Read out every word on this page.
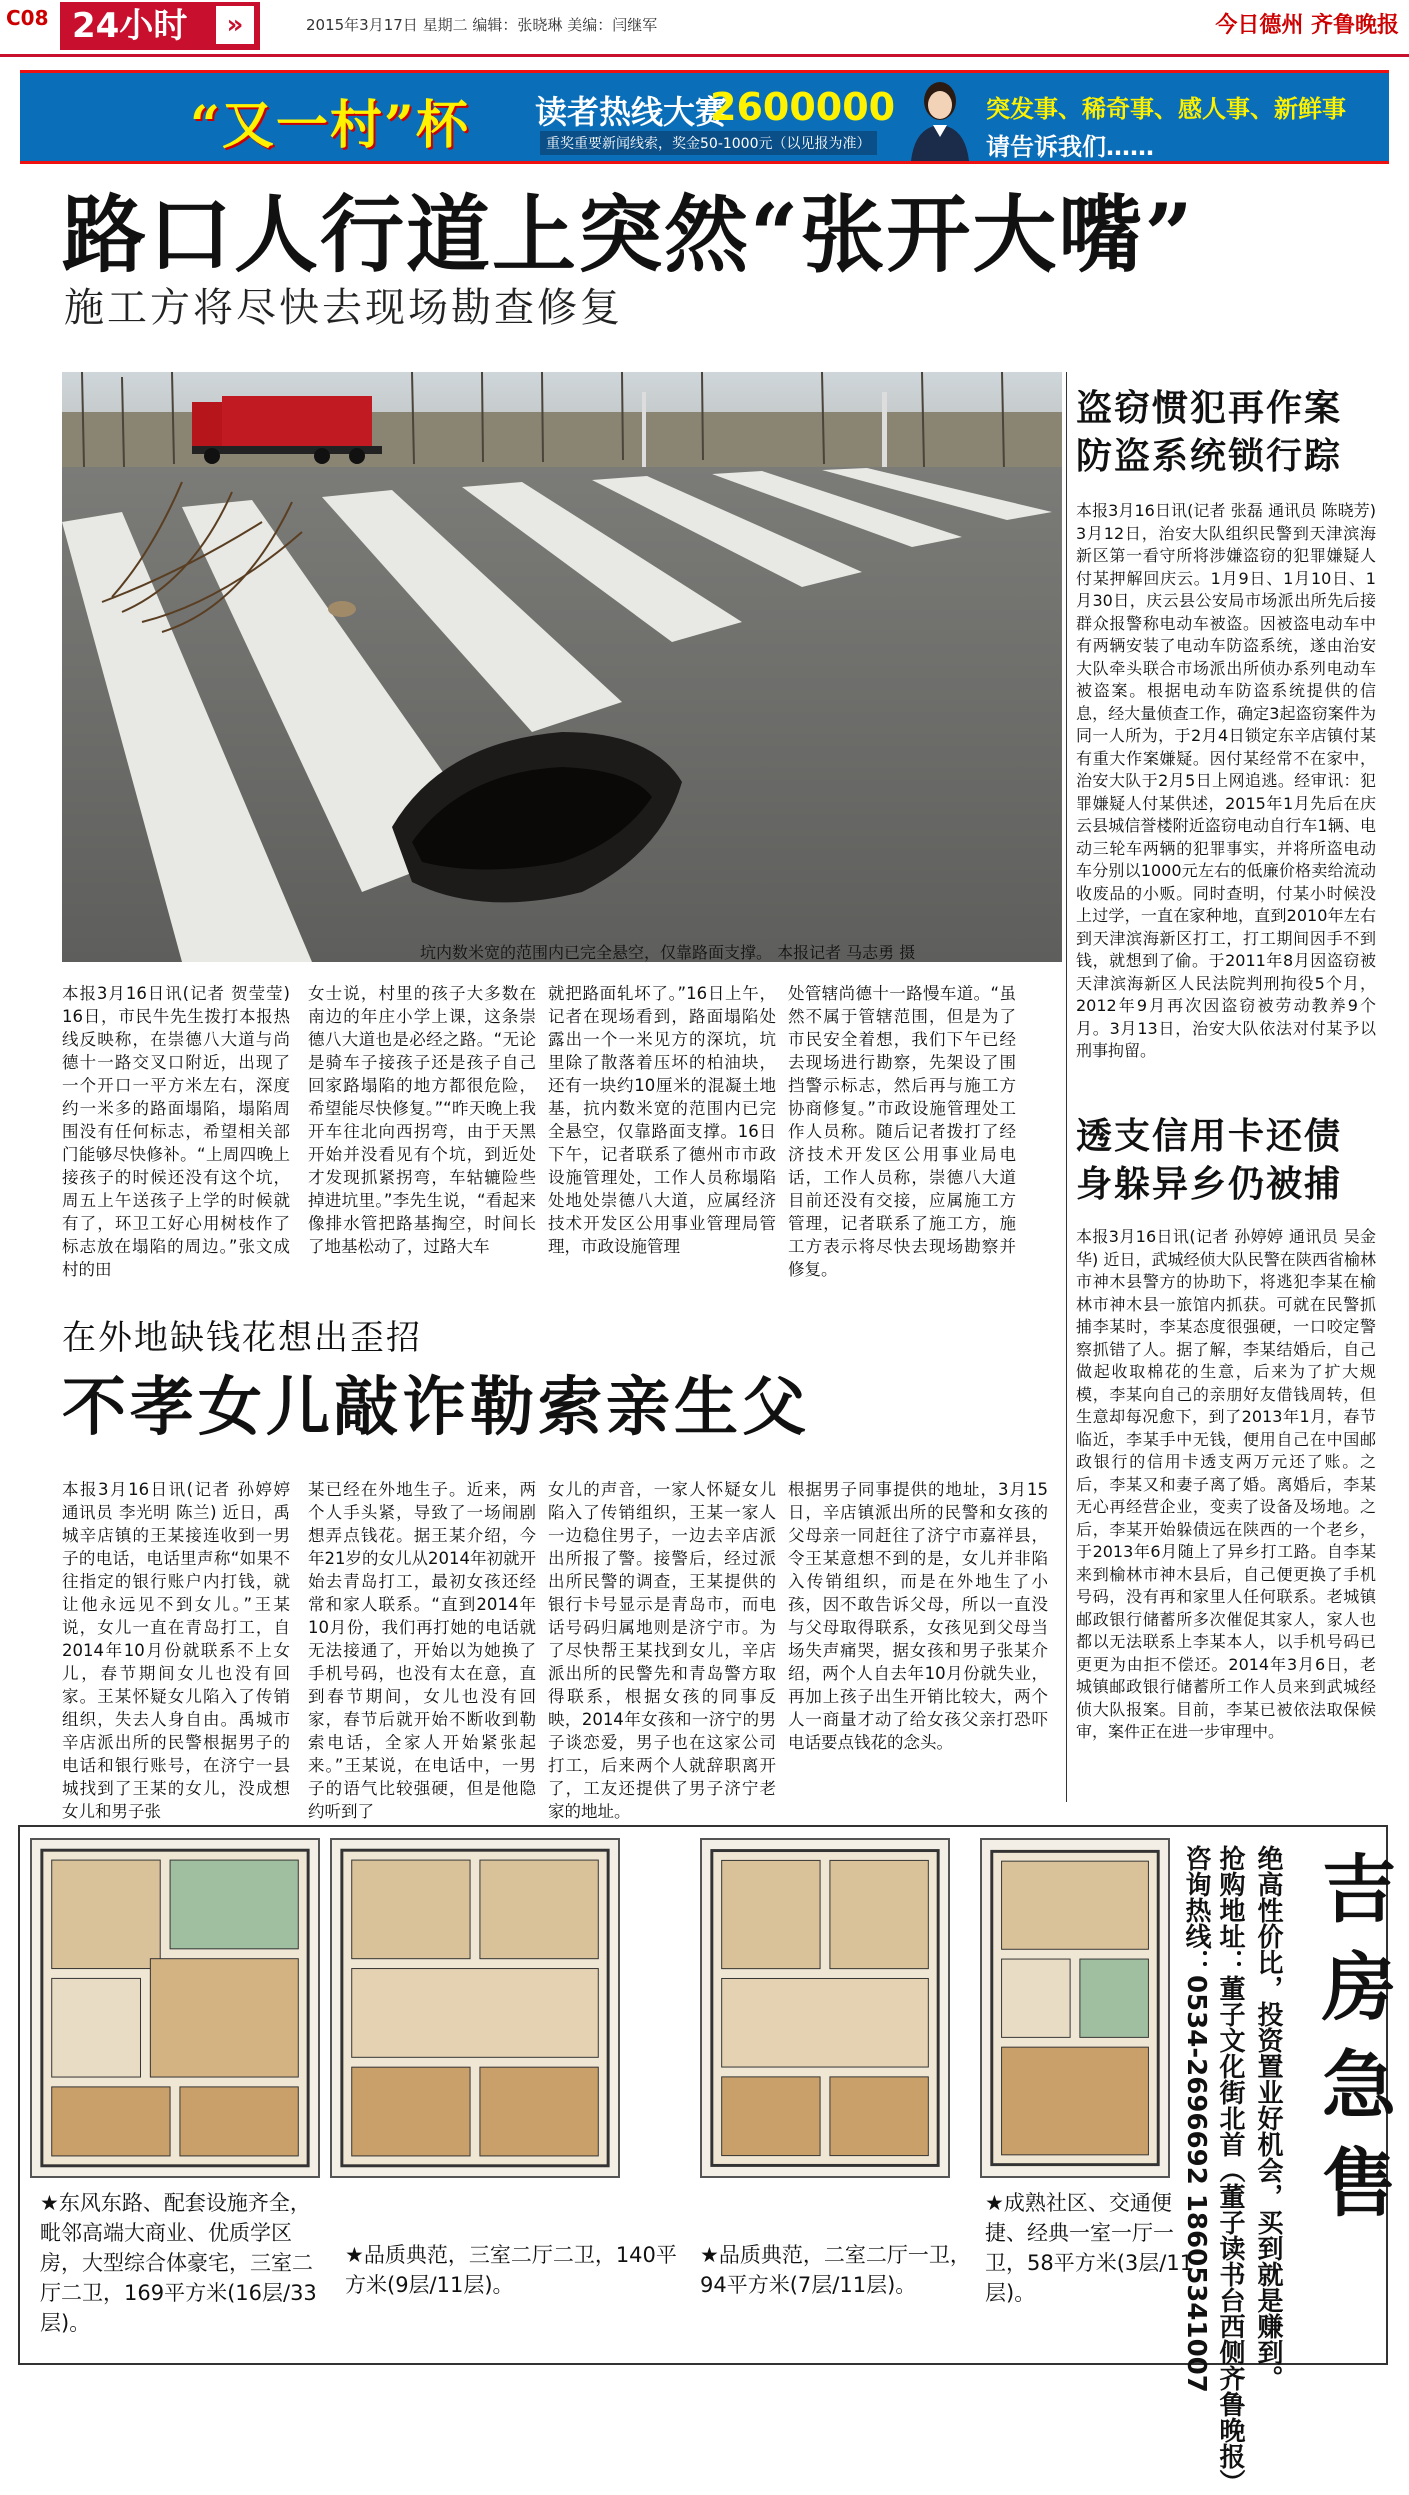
C08 24小时	»	2015年3月17日 星期二 编辑：张晓琳 美编：闫继军	今日德州 齐鲁晚报
“又一村”杯 读者热线大赛
2600000
重奖重要新闻线索，奖金50-1000元（以见报为准）
突发事、稀奇事、感人事、新鲜事
请告诉我们……
路口人行道上突然“张开大嘴”
施工方将尽快去现场勘查修复
坑内数米宽的范围内已完全悬空，仅靠路面支撑。 本报记者 马志勇 摄
本报3月16日讯(记者 贺莹莹) 16日，市民牛先生拨打本报热线反映称，在崇德八大道与尚德十一路交叉口附近，出现了一个开口一平方米左右，深度约一米多的路面塌陷，塌陷周围没有任何标志，希望相关部门能够尽快修补。“上周四晚上接孩子的时候还没有这个坑，周五上午送孩子上学的时候就有了，环卫工好心用树枝作了标志放在塌陷的周边。”张文成村的田
女士说，村里的孩子大多数在南边的年庄小学上课，这条崇德八大道也是必经之路。“无论是骑车子接孩子还是孩子自己回家路塌陷的地方都很危险，希望能尽快修复。”“昨天晚上我开车往北向西拐弯，由于天黑开始并没看见有个坑，到近处才发现抓紧拐弯，车轱辘险些掉进坑里。”李先生说，“看起来像排水管把路基掏空，时间长了地基松动了，过路大车
就把路面轧坏了。”16日上午，记者在现场看到，路面塌陷处露出一个一米见方的深坑，坑里除了散落着压坏的柏油块，还有一块约10厘米的混凝土地基，抗内数米宽的范围内已完全悬空，仅靠路面支撑。16日下午，记者联系了德州市市政设施管理处，工作人员称塌陷处地处崇德八大道，应属经济技术开发区公用事业管理局管理，市政设施管理
处管辖尚德十一路慢车道。“虽然不属于管辖范围，但是为了市民安全着想，我们下午已经去现场进行勘察，先架设了围挡警示标志，然后再与施工方协商修复。”市政设施管理处工作人员称。随后记者拨打了经济技术开发区公用事业局电话，工作人员称，崇德八大道目前还没有交接，应属施工方管理，记者联系了施工方，施工方表示将尽快去现场勘察并修复。
盗窃惯犯再作案
防盗系统锁行踪
本报3月16日讯(记者 张磊 通讯员 陈晓芳) 3月12日，治安大队组织民警到天津滨海新区第一看守所将涉嫌盗窃的犯罪嫌疑人付某押解回庆云。1月9日、1月10日、1月30日，庆云县公安局市场派出所先后接群众报警称电动车被盗。因被盗电动车中有两辆安装了电动车防盗系统，遂由治安大队牵头联合市场派出所侦办系列电动车被盗案。根据电动车防盗系统提供的信息，经大量侦查工作，确定3起盗窃案件为同一人所为，于2月4日锁定东辛店镇付某有重大作案嫌疑。因付某经常不在家中，治安大队于2月5日上网追逃。经审讯：犯罪嫌疑人付某供述，2015年1月先后在庆云县城信誉楼附近盗窃电动自行车1辆、电动三轮车两辆的犯罪事实，并将所盗电动车分别以1000元左右的低廉价格卖给流动收废品的小贩。同时查明，付某小时候没上过学，一直在家种地，直到2010年左右到天津滨海新区打工，打工期间因手不到钱，就想到了偷。于2011年8月因盗窃被天津滨海新区人民法院判刑拘役5个月，2012年9月再次因盗窃被劳动教养9个月。3月13日，治安大队依法对付某予以刑事拘留。
透支信用卡还债
身躲异乡仍被捕
本报3月16日讯(记者 孙婷婷 通讯员 吴金华) 近日，武城经侦大队民警在陕西省榆林市神木县警方的协助下，将逃犯李某在榆林市神木县一旅馆内抓获。可就在民警抓捕李某时，李某态度很强硬，一口咬定警察抓错了人。据了解，李某结婚后，自己做起收取棉花的生意，后来为了扩大规模，李某向自己的亲朋好友借钱周转，但生意却每况愈下，到了2013年1月，春节临近，李某手中无钱，便用自己在中国邮政银行的信用卡透支两万元还了账。之后，李某又和妻子离了婚。离婚后，李某无心再经营企业，变卖了设备及场地。之后，李某开始躲债远在陕西的一个老乡，于2013年6月随上了异乡打工路。自李某来到榆林市神木县后，自己便更换了手机号码，没有再和家里人任何联系。老城镇邮政银行储蓄所多次催促其家人，家人也都以无法联系上李某本人，以手机号码已更更为由拒不偿还。2014年3月6日，老城镇邮政银行储蓄所工作人员来到武城经侦大队报案。目前，李某已被依法取保候审，案件正在进一步审理中。
在外地缺钱花想出歪招
不孝女儿敲诈勒索亲生父
本报3月16日讯(记者 孙婷婷 通讯员 李光明 陈兰) 近日，禹城辛店镇的王某接连收到一男子的电话，电话里声称“如果不往指定的银行账户内打钱，就让他永远见不到女儿。”王某说，女儿一直在青岛打工，自2014年10月份就联系不上女儿，春节期间女儿也没有回家。王某怀疑女儿陷入了传销组织，失去人身自由。禹城市辛店派出所的民警根据男子的电话和银行账号，在济宁一县城找到了王某的女儿，没成想女儿和男子张
某已经在外地生子。近来，两个人手头紧，导致了一场闹剧想弄点钱花。据王某介绍，今年21岁的女儿从2014年初就开始去青岛打工，最初女孩还经常和家人联系。“直到2014年10月份，我们再打她的电话就无法接通了，开始以为她换了手机号码，也没有太在意，直到春节期间，女儿也没有回家，春节后就开始不断收到勒索电话，全家人开始紧张起来。”王某说，在电话中，一男子的语气比较强硬，但是他隐约听到了
女儿的声音，一家人怀疑女儿陷入了传销组织，王某一家人一边稳住男子，一边去辛店派出所报了警。接警后，经过派出所民警的调查，王某提供的银行卡号显示是青岛市，而电话号码归属地则是济宁市。为了尽快帮王某找到女儿，辛店派出所的民警先和青岛警方取得联系，根据女孩的同事反映，2014年女孩和一济宁的男子谈恋爱，男子也在这家公司打工，后来两个人就辞职离开了，工友还提供了男子济宁老家的地址。
根据男子同事提供的地址，3月15日，辛店镇派出所的民警和女孩的父母亲一同赶往了济宁市嘉祥县，令王某意想不到的是，女儿并非陷入传销组织，而是在外地生了小孩，因不敢告诉父母，所以一直没与父母取得联系，女孩见到父母当场失声痛哭，据女孩和男子张某介绍，两个人自去年10月份就失业，再加上孩子出生开销比较大，两个人一商量才动了给女孩父亲打恐吓电话要点钱花的念头。
★东风东路、配套设施齐全，毗邻高端大商业、优质学区房，大型综合体豪宅，三室二厅二卫，169平方米(16层/33层)。
★品质典范，三室二厅二卫，140平方米(9层/11层)。
★品质典范，二室二厅一卫，94平方米(7层/11层)。
★成熟社区、交通便捷、经典一室一厅一卫，58平方米(3层/11层)。	绝高性价比，投资置业好机会，买到就是赚到。
抢购地址：董子文化街北首（董子读书台西侧齐鲁晚报）
咨询热线：0534-2696692 18605341007 吉房急售
